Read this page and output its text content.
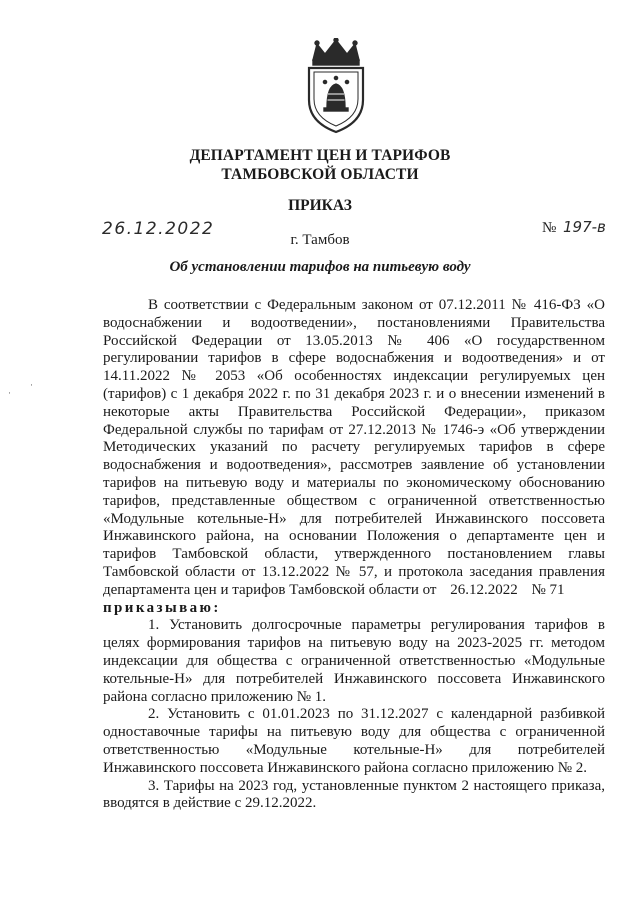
ДЕПАРТАМЕНТ ЦЕН И ТАРИФОВ
ТАМБОВСКОЙ ОБЛАСТИ
ПРИКАЗ
26.12.2022	№ 197-в
г. Тамбов
Об установлении тарифов на питьевую воду

В соответствии с Федеральным законом от 07.12.2011 № 416-ФЗ «О водоснабжении и водоотведении», постановлениями Правительства Российской Федерации от 13.05.2013 № 406 «О государственном регулировании тарифов в сфере водоснабжения и водоотведения» и от 14.11.2022 № 2053 «Об особенностях индексации регулируемых цен (тарифов) с 1 декабря 2022 г. по 31 декабря 2023 г. и о внесении изменений в некоторые акты Правительства Российской Федерации», приказом Федеральной службы по тарифам от 27.12.2013 № 1746-э «Об утверждении Методических указаний по расчету регулируемых тарифов в сфере водоснабжения и водоотведения», рассмотрев заявление об установлении тарифов на питьевую воду и материалы по экономическому обоснованию тарифов, представленные обществом с ограниченной ответственностью «Модульные котельные-Н» для потребителей Инжавинского поссовета Инжавинского района, на основании Положения о департаменте цен и тарифов Тамбовской области, утвержденного постановлением главы Тамбовской области от 13.12.2022 № 57, и протокола заседания правления департамента цен и тарифов Тамбовской области от 26.12.2022 № 71

приказываю:

1. Установить долгосрочные параметры регулирования тарифов в целях формирования тарифов на питьевую воду на 2023-2025 гг. методом индексации для общества с ограниченной ответственностью «Модульные котельные-Н» для потребителей Инжавинского поссовета Инжавинского района согласно приложению № 1.

2. Установить с 01.01.2023 по 31.12.2027 с календарной разбивкой одноставочные тарифы на питьевую воду для общества с ограниченной ответственностью «Модульные котельные-Н» для потребителей Инжавинского поссовета Инжавинского района согласно приложению № 2.

3. Тарифы на 2023 год, установленные пунктом 2 настоящего приказа, вводятся в действие с 29.12.2022.

·
·
